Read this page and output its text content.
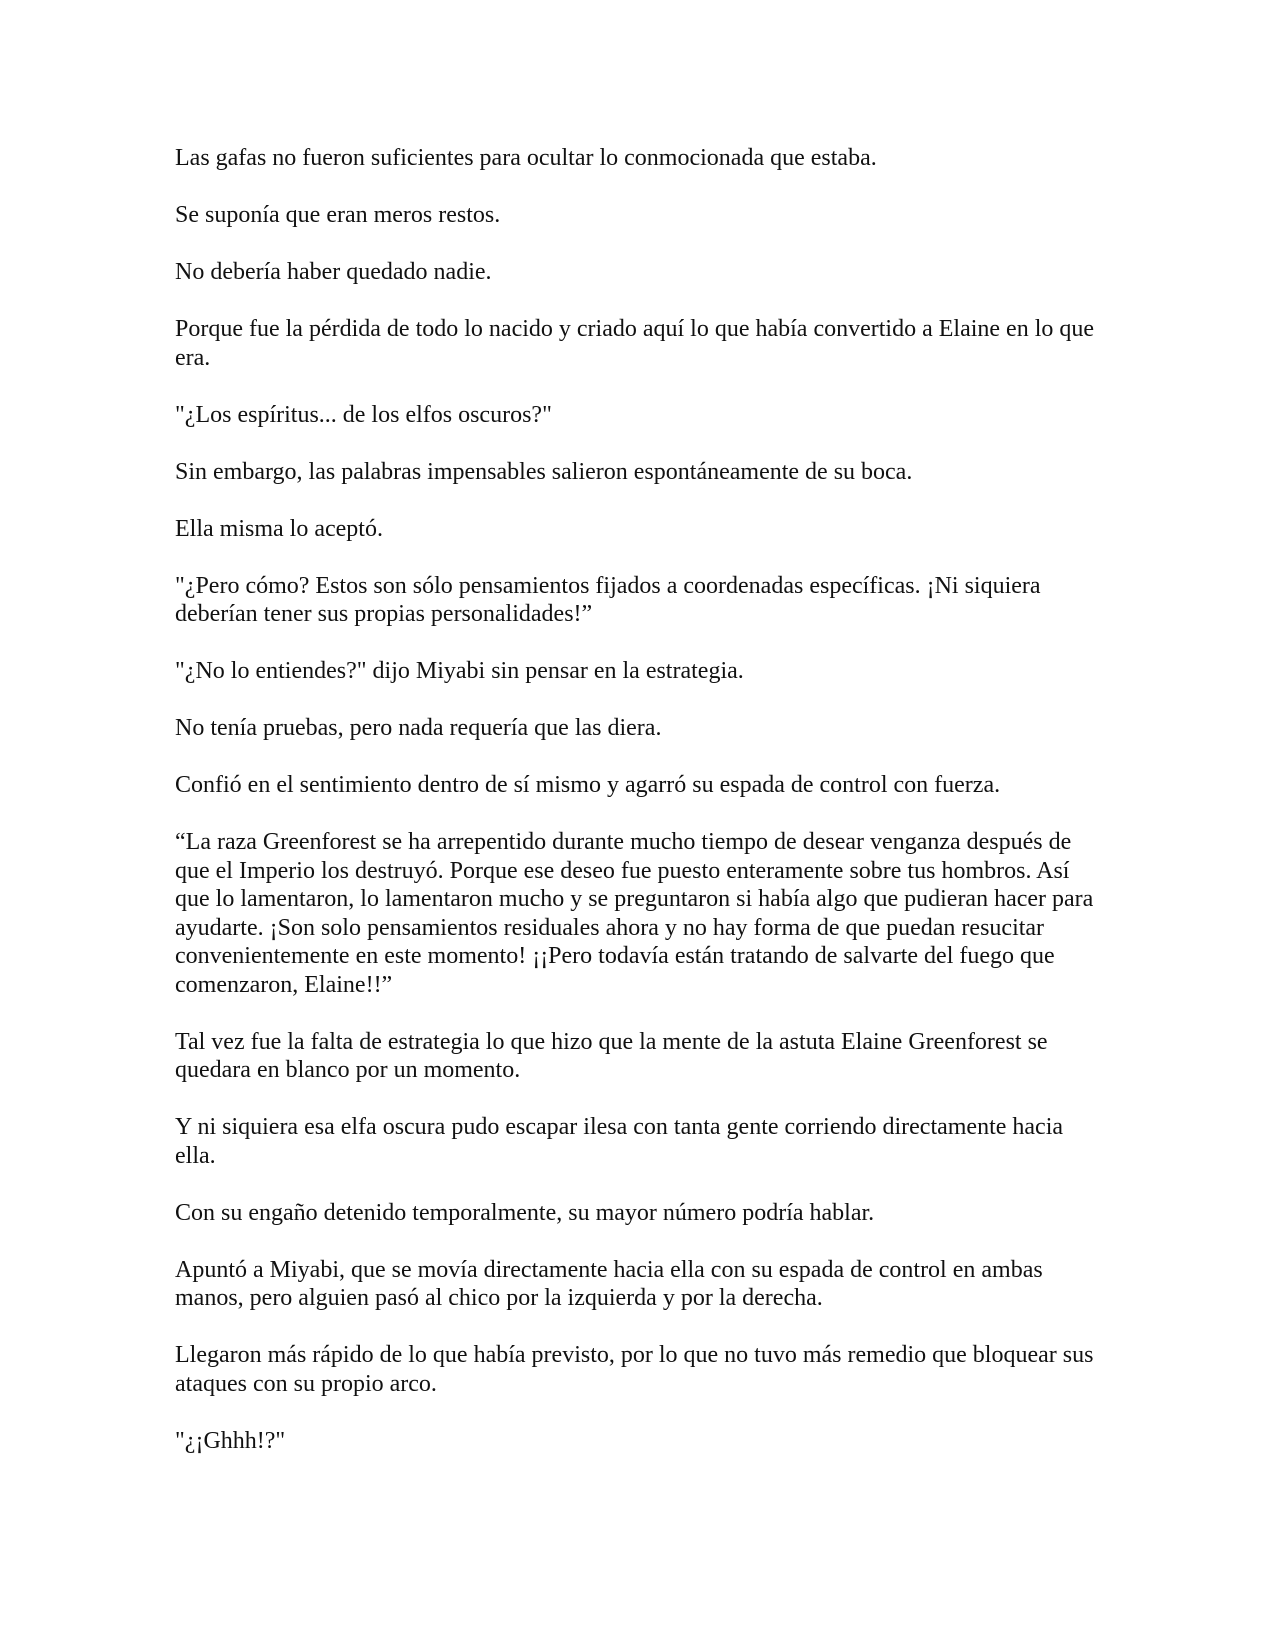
Las gafas no fueron suficientes para ocultar lo conmocionada que estaba.

Se suponía que eran meros restos.

No debería haber quedado nadie.

Porque fue la pérdida de todo lo nacido y criado aquí lo que había convertido a Elaine en lo que era.

"¿Los espíritus... de los elfos oscuros?"

Sin embargo, las palabras impensables salieron espontáneamente de su boca.

Ella misma lo aceptó.

"¿Pero cómo? Estos son sólo pensamientos fijados a coordenadas específicas. ¡Ni siquiera deberían tener sus propias personalidades!”

"¿No lo entiendes?" dijo Miyabi sin pensar en la estrategia.

No tenía pruebas, pero nada requería que las diera.

Confió en el sentimiento dentro de sí mismo y agarró su espada de control con fuerza.

“La raza Greenforest se ha arrepentido durante mucho tiempo de desear venganza después de que el Imperio los destruyó. Porque ese deseo fue puesto enteramente sobre tus hombros. Así que lo lamentaron, lo lamentaron mucho y se preguntaron si había algo que pudieran hacer para ayudarte. ¡Son solo pensamientos residuales ahora y no hay forma de que puedan resucitar convenientemente en este momento! ¡¡Pero todavía están tratando de salvarte del fuego que comenzaron, Elaine!!”

Tal vez fue la falta de estrategia lo que hizo que la mente de la astuta Elaine Greenforest se quedara en blanco por un momento.

Y ni siquiera esa elfa oscura pudo escapar ilesa con tanta gente corriendo directamente hacia ella.

Con su engaño detenido temporalmente, su mayor número podría hablar.

Apuntó a Miyabi, que se movía directamente hacia ella con su espada de control en ambas manos, pero alguien pasó al chico por la izquierda y por la derecha.

Llegaron más rápido de lo que había previsto, por lo que no tuvo más remedio que bloquear sus ataques con su propio arco.

"¿¡Ghhh!?"
